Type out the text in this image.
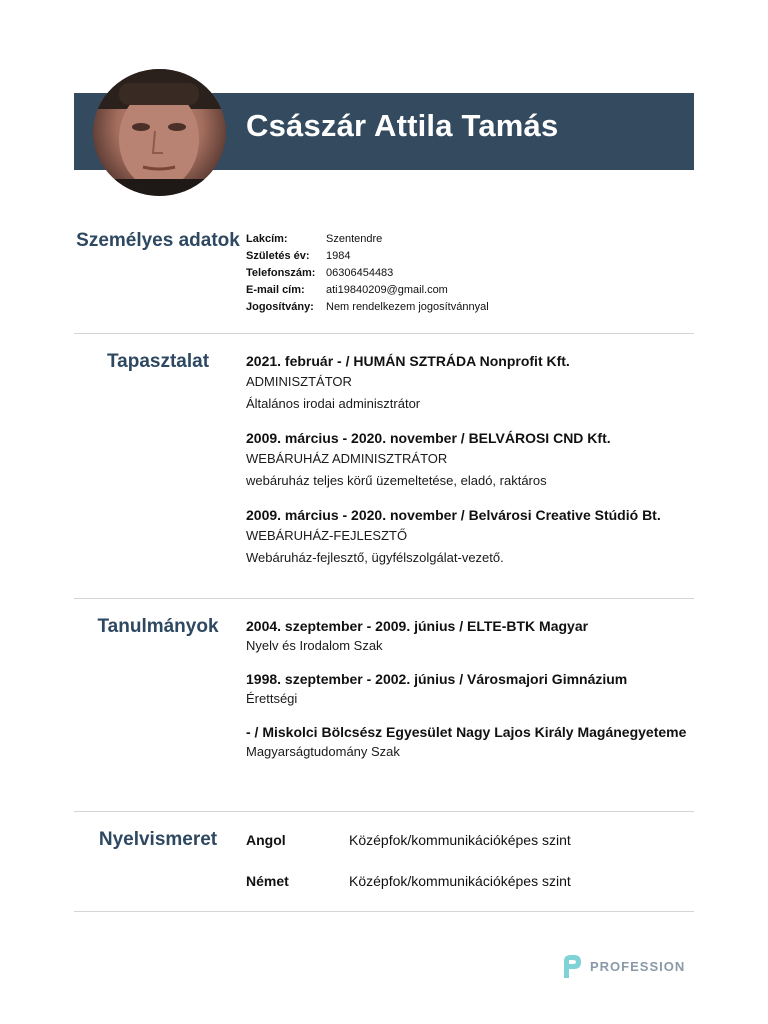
Császár Attila Tamás
Személyes adatok Lakcím:	Szentendre
Születés év:	1984
Telefonszám: 06306454483
E-mail cím:	ati19840209@gmail.com
Jogosítvány:	Nem rendelkezem jogosítvánnyal
Tapasztalat	2021. február - / HUMÁN SZTRÁDA Nonprofit Kft.
ADMINISZTÁTOR
Általános irodai adminisztrátor
2009. március - 2020. november / BELVÁROSI CND Kft.
WEBÁRUHÁZ ADMINISZTRÁTOR
webáruház teljes körű üzemeltetése, eladó, raktáros
2009. március - 2020. november / Belvárosi Creative Stúdió Bt.
WEBÁRUHÁZ-FEJLESZTŐ
Webáruház-fejlesztő, ügyfélszolgálat-vezető.
Tanulmányok	2004. szeptember - 2009. június / ELTE-BTK Magyar
Nyelv és Irodalom Szak
1998. szeptember - 2002. június / Városmajori Gimnázium
Érettségi
- / Miskolci Bölcsész Egyesület Nagy Lajos Király Magánegyeteme
Magyarságtudomány Szak
Nyelvismeret	Angol	Középfok/kommunikációképes szint
Német	Középfok/kommunikációképes szint
PROFESSION
